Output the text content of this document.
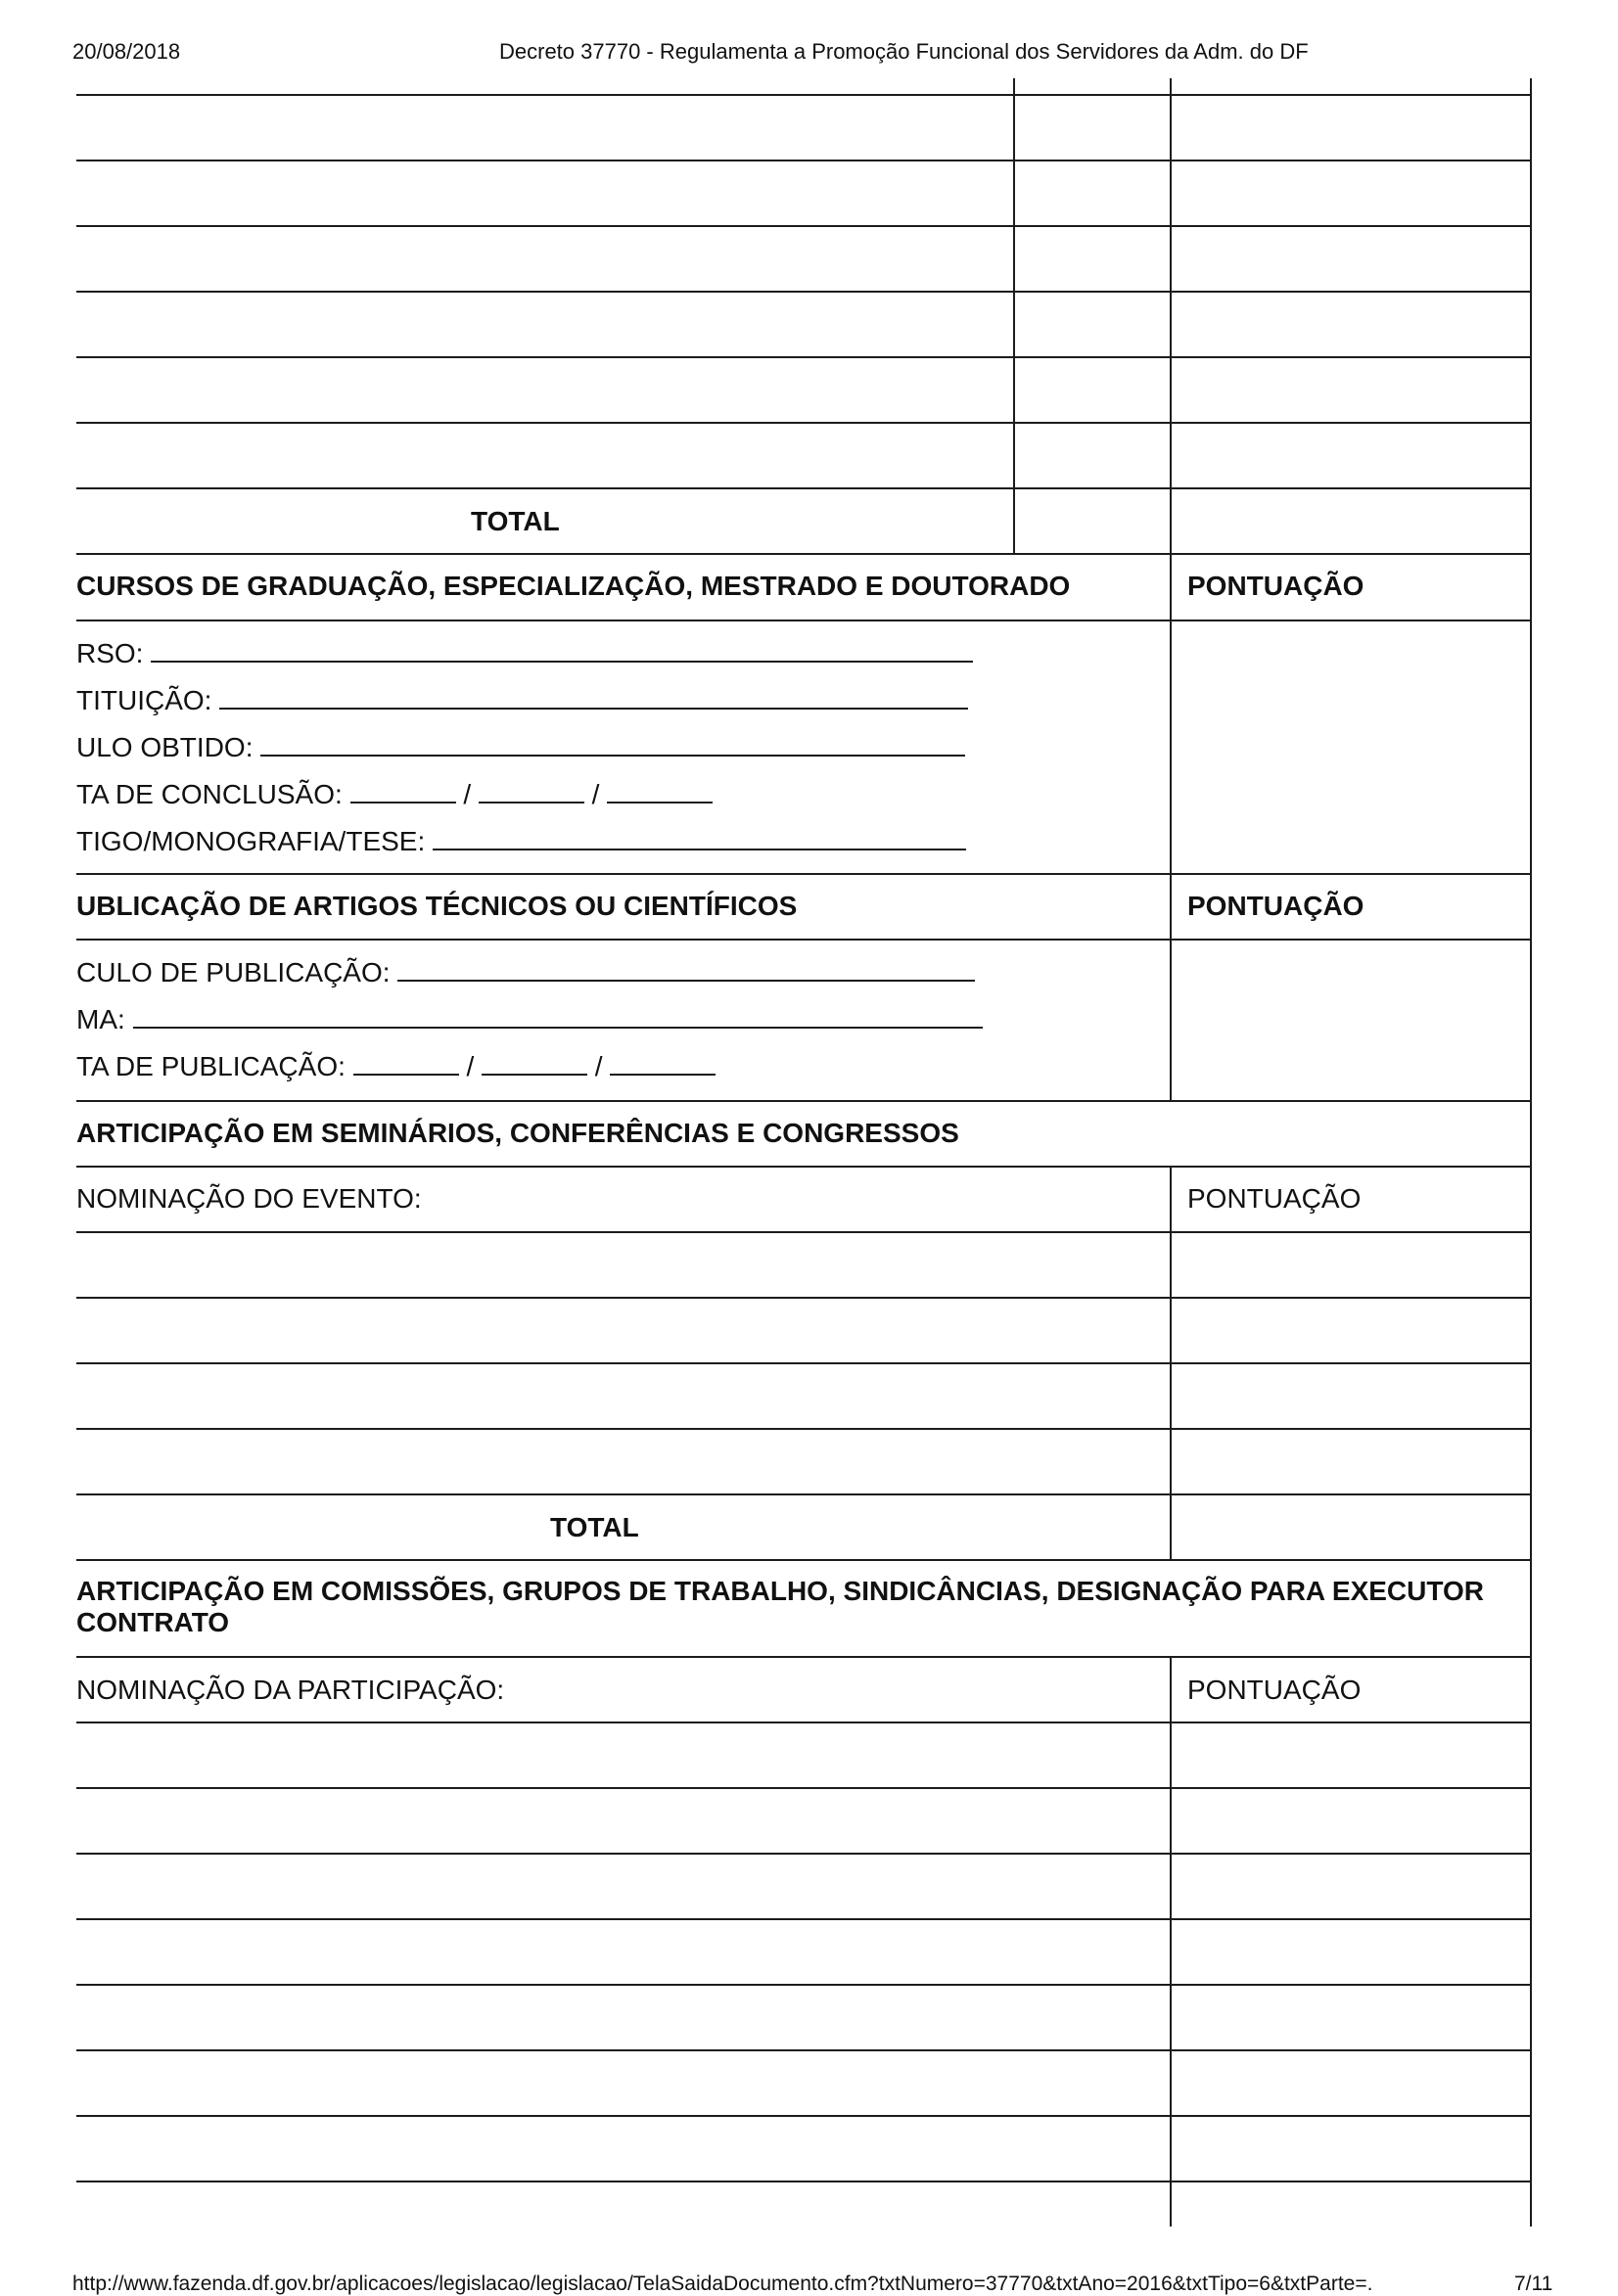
20/08/2018	Decreto 37770 - Regulamenta a Promoção Funcional dos Servidores da Adm. do DF
TOTAL
CURSOS DE GRADUAÇÃO, ESPECIALIZAÇÃO, MESTRADO E DOUTORADO	PONTUAÇÃO
RSO:
TITUIÇÃO:
ULO OBTIDO:
TA DE CONCLUSÃO:	/	/
TIGO/MONOGRAFIA/TESE:
UBLICAÇÃO DE ARTIGOS TÉCNICOS OU CIENTÍFICOS	PONTUAÇÃO
CULO DE PUBLICAÇÃO:
MA:
TA DE PUBLICAÇÃO:	/	/
ARTICIPAÇÃO EM SEMINÁRIOS, CONFERÊNCIAS E CONGRESSOS
NOMINAÇÃO DO EVENTO:	PONTUAÇÃO
TOTAL
ARTICIPAÇÃO EM COMISSÕES, GRUPOS DE TRABALHO, SINDICÂNCIAS, DESIGNAÇÃO PARA EXECUTOR
CONTRATO
NOMINAÇÃO DA PARTICIPAÇÃO:	PONTUAÇÃO
http://www.fazenda.df.gov.br/aplicacoes/legislacao/legislacao/TelaSaidaDocumento.cfm?txtNumero=37770&txtAno=2016&txtTipo=6&txtParte=.	7/11
